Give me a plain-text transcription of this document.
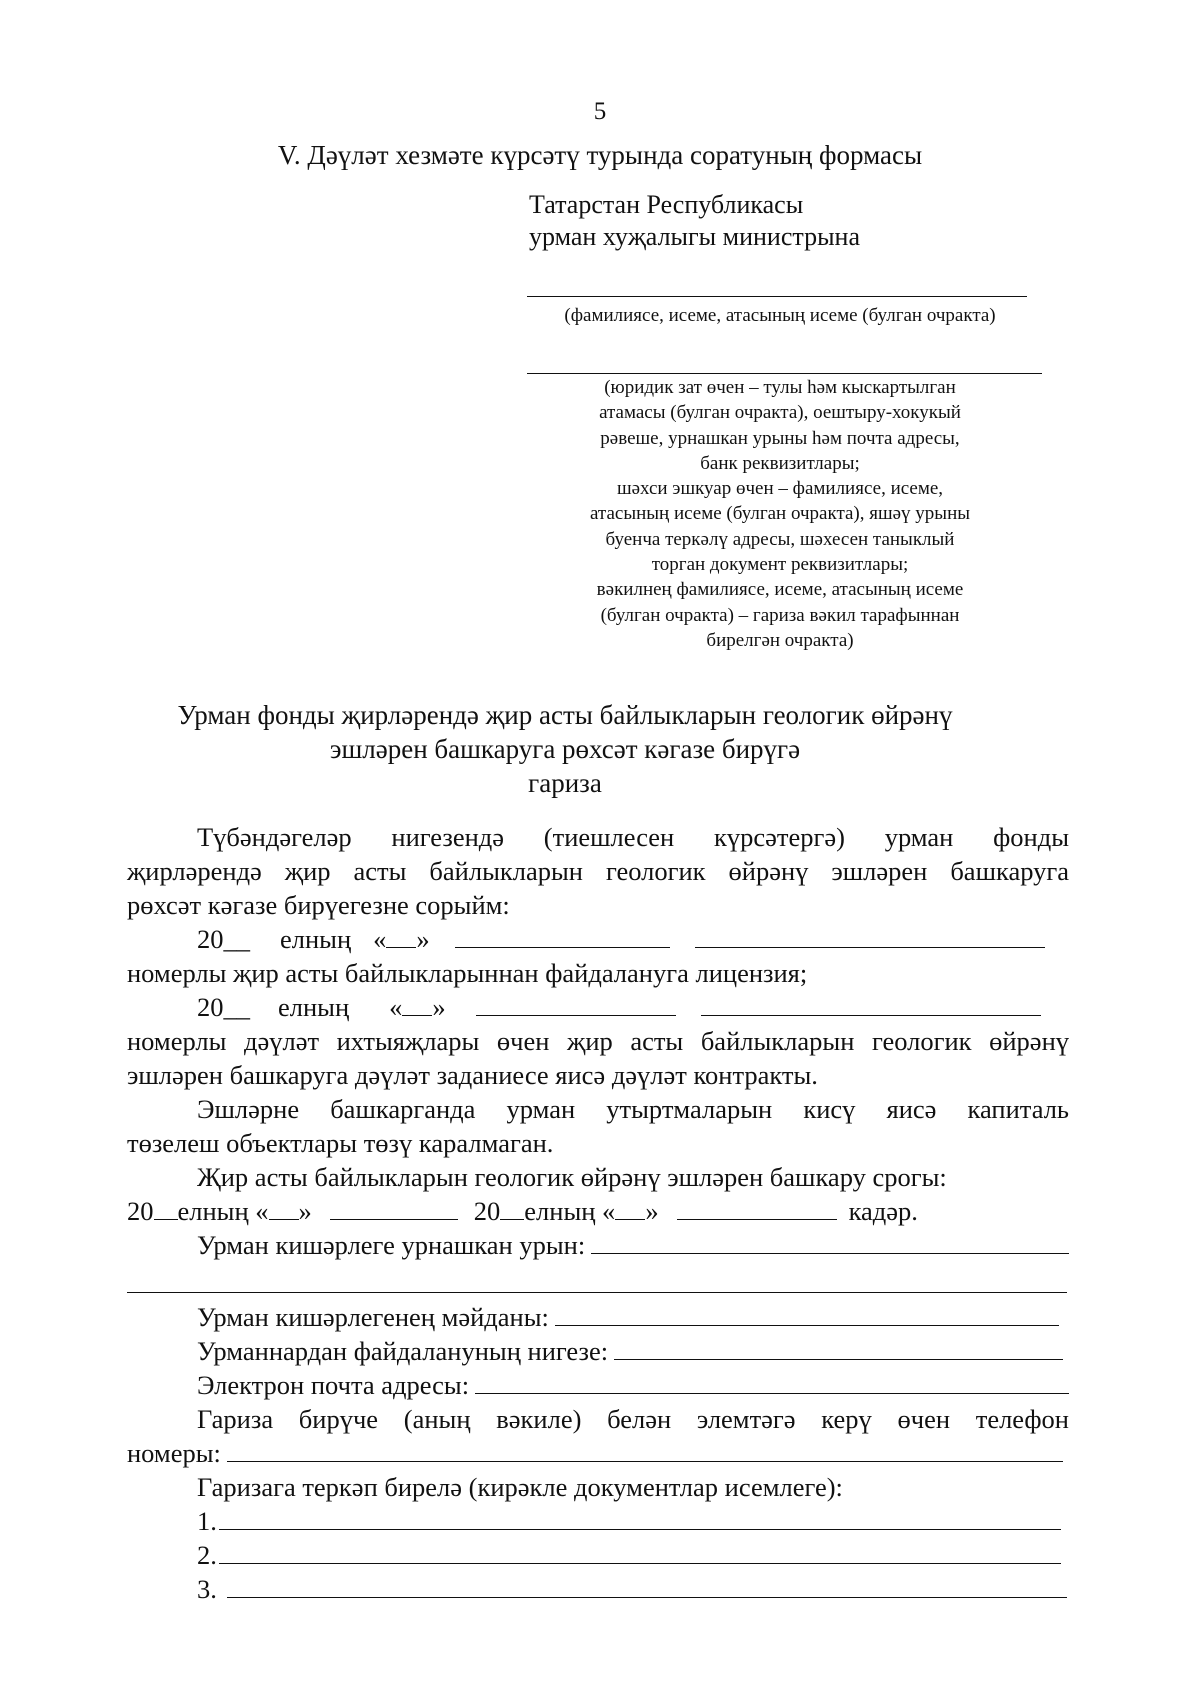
5
V. Дәүләт хезмәте күрсәтү турында соратуның формасы
Татарстан Республикасы
урман хуҗалыгы министрына
(фамилиясе, исеме, атасының исеме (булган очракта)
(юридик зат өчен – тулы һәм кыскартылган
атамасы (булган очракта), оештыру-хокукый
рәвеше, урнашкан урыны һәм почта адресы,
банк реквизитлары;
шәхси эшкуар өчен – фамилиясе, исеме,
атасының исеме (булган очракта), яшәү урыны
буенча теркәлү адресы, шәхесен таныклый
торган документ реквизитлары;
вәкилнең фамилиясе, исеме, атасының исеме
(булган очракта) – гариза вәкил тарафыннан
бирелгән очракта)
Урман фонды җирләрендә җир асты байлыкларын геологик өйрәнү
эшләрен башкаруга рөхсәт кәгазе бирүгә
гариза
Түбәндәгеләр нигезендә (тиешлесен күрсәтергә) урман фонды
җирләрендә җир асты байлыкларын геологик өйрәнү эшләрен башкаруга
рөхсәт кәгазе бирүегезне сорыйм:
20__ елның « »
номерлы җир асты байлыкларыннан файдалануга лицензия;
20__ елның « »
номерлы дәүләт ихтыяҗлары өчен җир асты байлыкларын геологик өйрәнү
эшләрен башкаруга дәүләт заданиесе яисә дәүләт контракты.
Эшләрне башкарганда урман утыртмаларын кисү яисә капиталь
төзелеш объектлары төзү каралмаган.
Җир асты байлыкларын геологик өйрәнү эшләрен башкару срогы:
20 елның « »	20 елның « »	кадәр.
Урман кишәрлеге урнашкан урын:
Урман кишәрлегенең мәйданы:
Урманнардан файдалануның нигезе:
Электрон почта адресы:
Гариза бирүче (аның вәкиле) белән элемтәгә керү өчен телефон
номеры:
Гаризага теркәп бирелә (кирәкле документлар исемлеге):
1.
2.
3.
